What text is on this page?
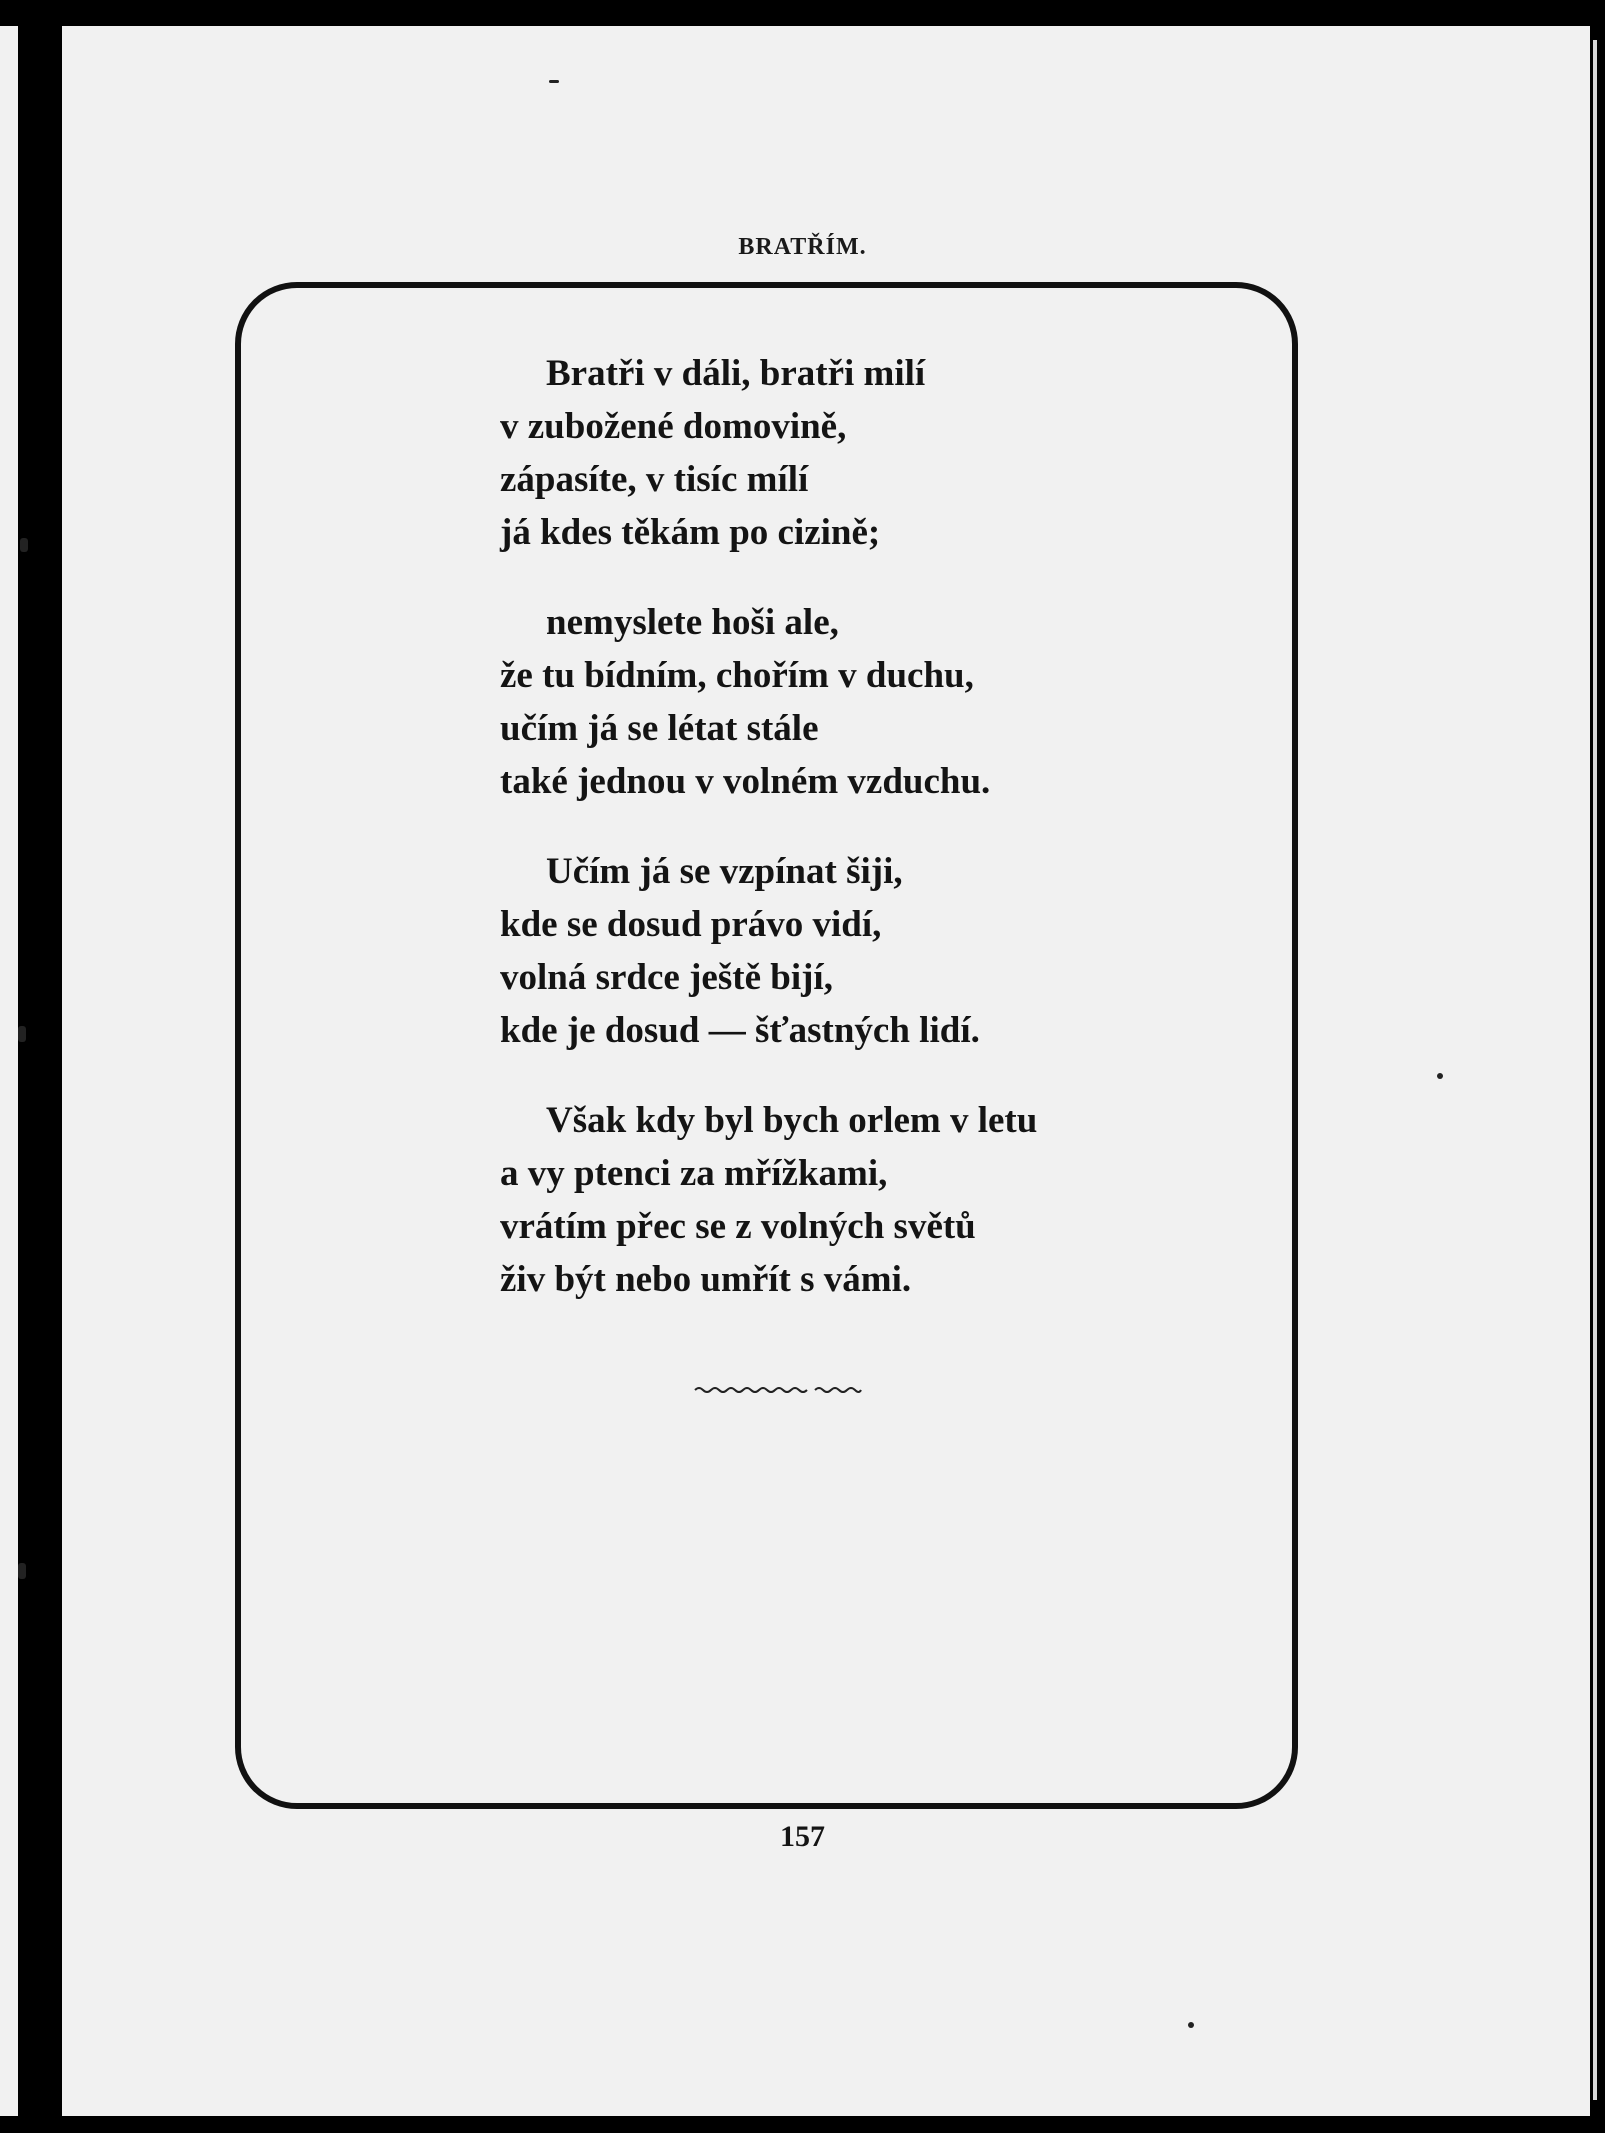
BRATŘÍM.
Bratři v dáli, bratři milí
v zubožené domovině,
zápasíte, v tisíc mílí
já kdes těkám po cizině;
nemyslete hoši ale,
že tu bídním, chořím v duchu,
učím já se létat stále
také jednou v volném vzduchu.
Učím já se vzpínat šiji,
kde se dosud právo vidí,
volná srdce ještě bijí,
kde je dosud — šťastných lidí.
Však kdy byl bych orlem v letu
a vy ptenci za mřížkami,
vrátím přec se z volných světů
živ být nebo umřít s vámi.
157
